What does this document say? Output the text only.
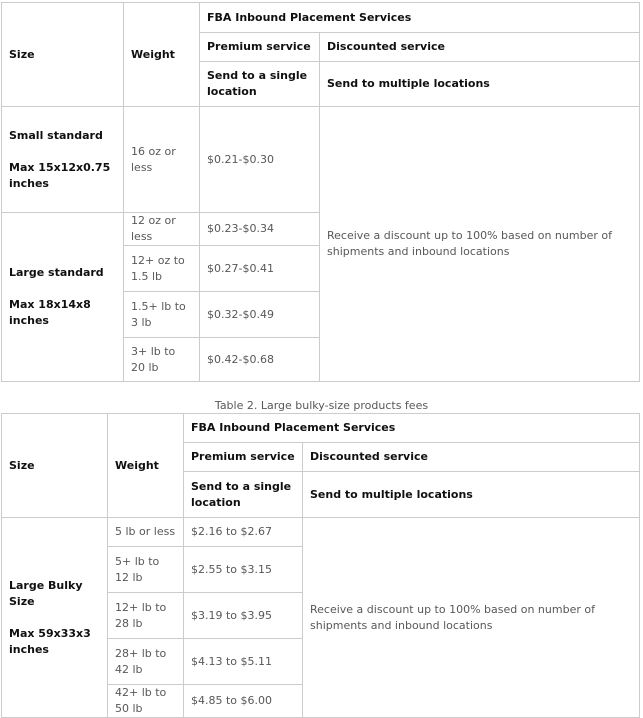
Size	Weight	FBA Inbound Placement Services	
		Premium service	Discounted service
		Send to a single location	Send to multiple locations

Small standard
Max 15x12x0.75 inches	16 oz or less	$0.21-$0.30	Receive a discount up to 100% based on number of shipments and inbound locations

Large standard
Max 18x14x8 inches	12 oz or less	$0.23-$0.34	
	12+ oz to 1.5 lb	$0.27-$0.41	
	1.5+ lb to 3 lb	$0.32-$0.49	
	3+ lb to 20 lb	$0.42-$0.68	
Table 2. Large bulky-size products fees
Size	Weight	FBA Inbound Placement Services	
		Premium service	Discounted service
		Send to a single location	Send to multiple locations

Large Bulky Size
Max 59x33x3 inches	5 lb or less	$2.16 to $2.67	Receive a discount up to 100% based on number of shipments and inbound locations
	5+ lb to 12 lb	$2.55 to $3.15	
	12+ lb to 28 lb	$3.19 to $3.95	
	28+ lb to 42 lb	$4.13 to $5.11	
	42+ lb to 50 lb	$4.85 to $6.00	
